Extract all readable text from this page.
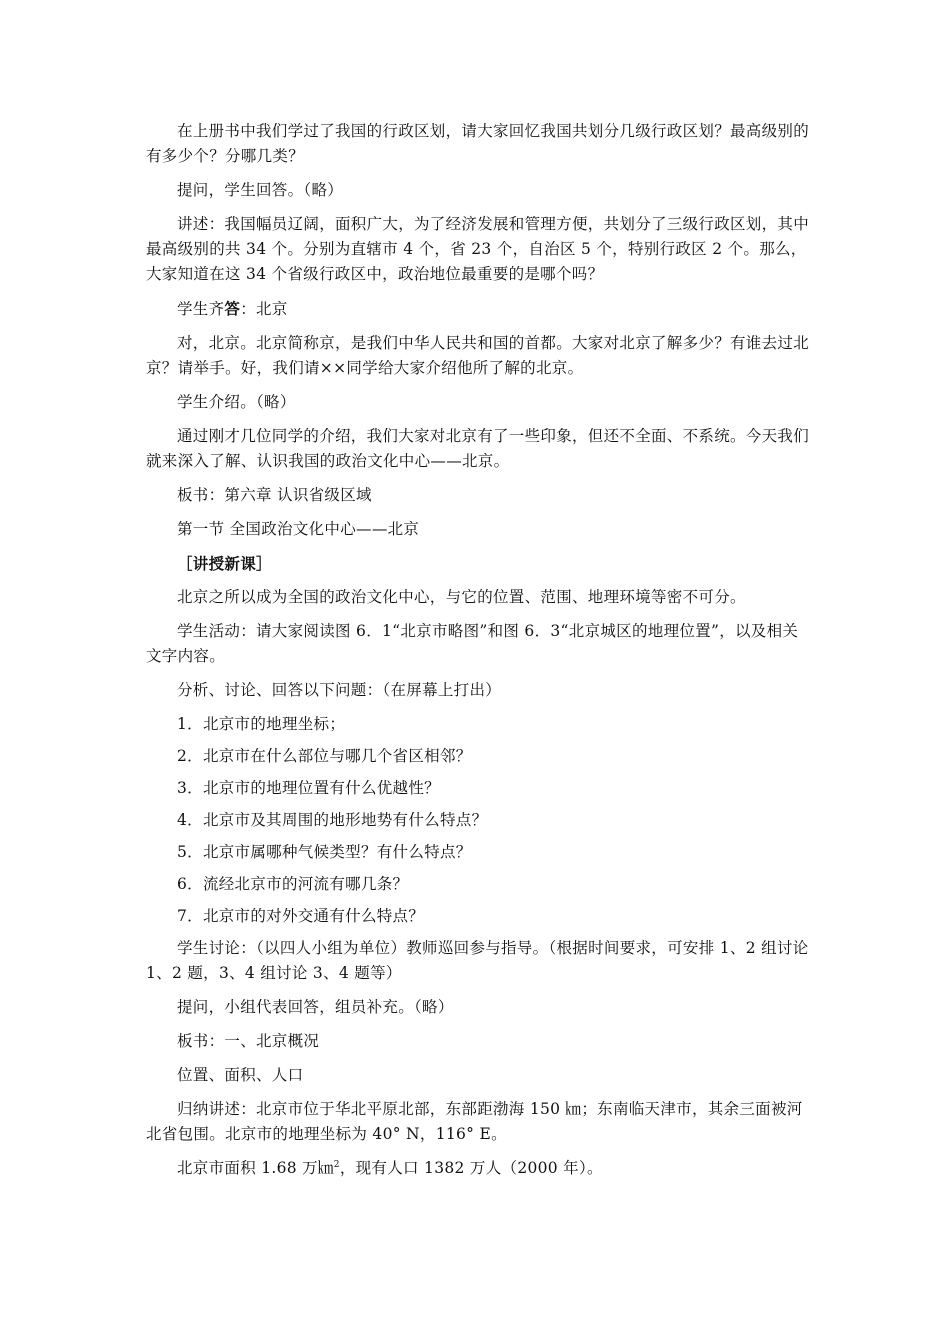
在上册书中我们学过了我国的行政区划，请大家回忆我国共划分几级行政区划？最高级别的有多少个？分哪几类？

提问，学生回答。（略）

讲述：我国幅员辽阔，面积广大，为了经济发展和管理方便，共划分了三级行政区划，其中最高级别的共 34 个。分别为直辖市 4 个，省 23 个，自治区 5 个，特别行政区 2 个。那么，大家知道在这 34 个省级行政区中，政治地位最重要的是哪个吗？

学生齐答：北京

对，北京。北京简称京，是我们中华人民共和国的首都。大家对北京了解多少？有谁去过北京？请举手。好，我们请××同学给大家介绍他所了解的北京。

学生介绍。（略）

通过刚才几位同学的介绍，我们大家对北京有了一些印象，但还不全面、不系统。今天我们就来深入了解、认识我国的政治文化中心——北京。

板书：第六章 认识省级区域

第一节 全国政治文化中心——北京

［讲授新课］

北京之所以成为全国的政治文化中心，与它的位置、范围、地理环境等密不可分。

学生活动：请大家阅读图 6．1“北京市略图”和图 6．3“北京城区的地理位置”，以及相关文字内容。

分析、讨论、回答以下问题：（在屏幕上打出）

1．北京市的地理坐标；

2．北京市在什么部位与哪几个省区相邻？

3．北京市的地理位置有什么优越性？

4．北京市及其周围的地形地势有什么特点？

5．北京市属哪种气候类型？有什么特点？

6．流经北京市的河流有哪几条？

7．北京市的对外交通有什么特点？

学生讨论：（以四人小组为单位）教师巡回参与指导。（根据时间要求，可安排 1、2 组讨论 1、2 题，3、4 组讨论 3、4 题等）

提问，小组代表回答，组员补充。（略）

板书：一、北京概况

位置、面积、人口

归纳讲述：北京市位于华北平原北部，东部距渤海 150 ㎞；东南临天津市，其余三面被河北省包围。北京市的地理坐标为 40° N，116° E。

北京市面积 1.68 万㎞$^2$，现有人口 1382 万人（2000 年）。
